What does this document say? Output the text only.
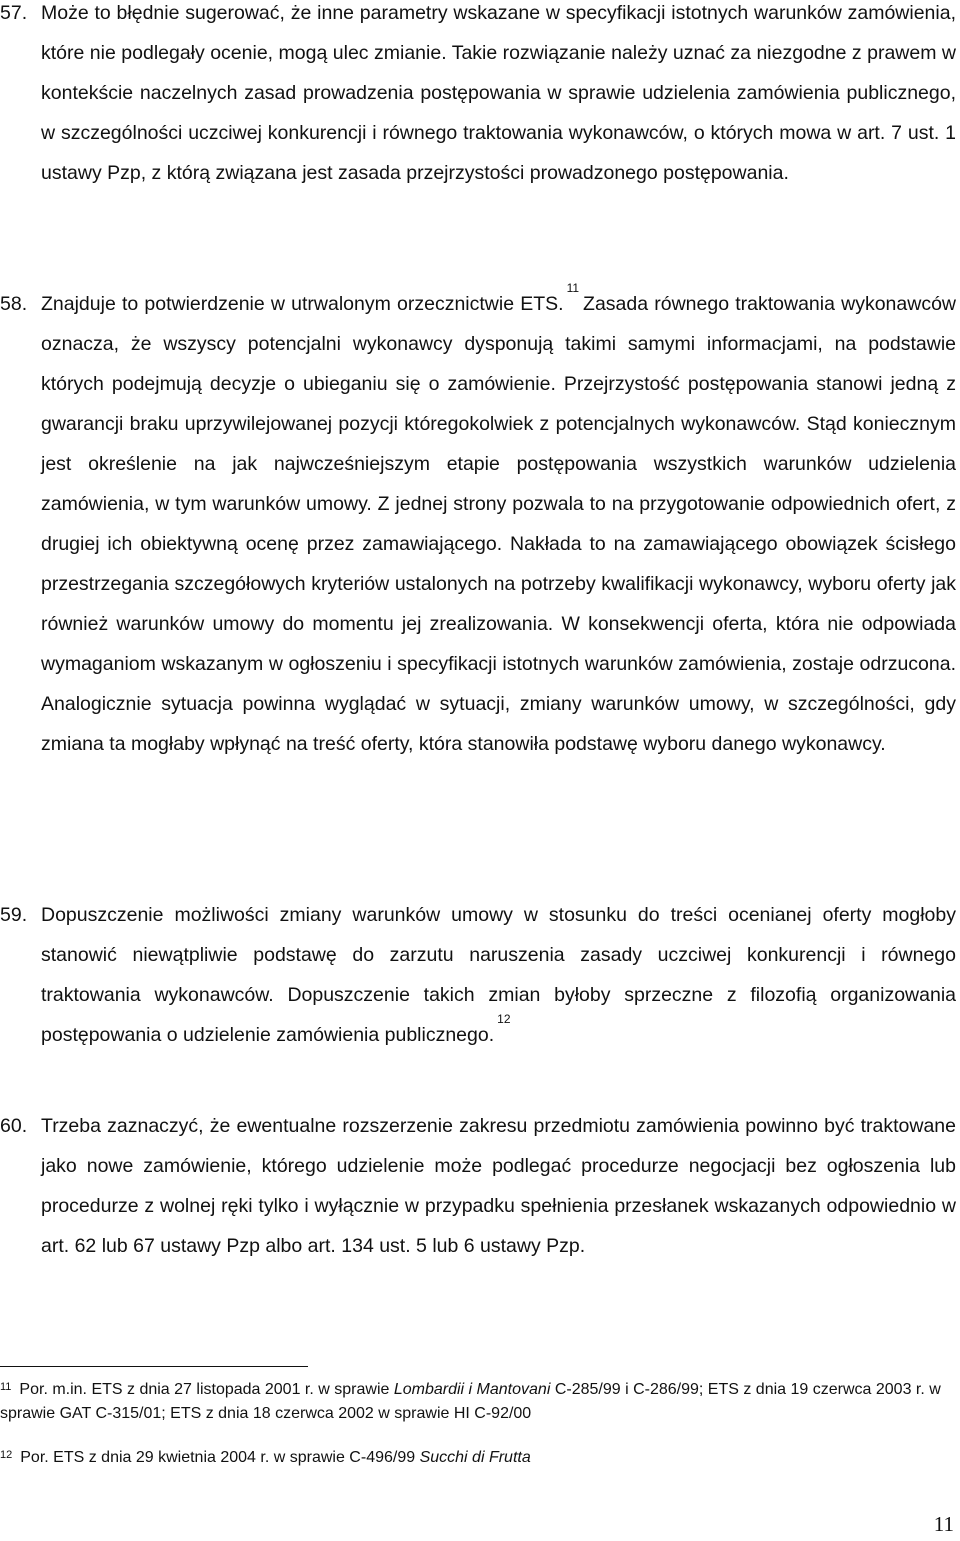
57. Może to błędnie sugerować, że inne parametry wskazane w specyfikacji istotnych warunków zamówienia, które nie podlegały ocenie, mogą ulec zmianie. Takie rozwiązanie należy uznać za niezgodne z prawem w kontekście naczelnych zasad prowadzenia postępowania w sprawie udzielenia zamówienia publicznego, w szczególności uczciwej konkurencji i równego traktowania wykonawców, o których mowa w art. 7 ust. 1 ustawy Pzp, z którą związana jest zasada przejrzystości prowadzonego postępowania.
58. Znajduje to potwierdzenie w utrwalonym orzecznictwie ETS.$^{11}$Zasada równego traktowania wykonawców oznacza, że wszyscy potencjalni wykonawcy dysponują takimi samymi informacjami, na podstawie których podejmują decyzje o ubieganiu się o zamówienie. Przejrzystość postępowania stanowi jedną z gwarancji braku uprzywilejowanej pozycji któregokolwiek z potencjalnych wykonawców. Stąd koniecznym jest określenie na jak najwcześniejszym etapie postępowania wszystkich warunków udzielenia zamówienia, w tym warunków umowy. Z jednej strony pozwala to na przygotowanie odpowiednich ofert, z drugiej ich obiektywną ocenę przez zamawiającego. Nakłada to na zamawiającego obowiązek ścisłego przestrzegania szczegółowych kryteriów ustalonych na potrzeby kwalifikacji wykonawcy, wyboru oferty jak również warunków umowy do momentu jej zrealizowania. W konsekwencji oferta, która nie odpowiada wymaganiom wskazanym w ogłoszeniu i specyfikacji istotnych warunków zamówienia, zostaje odrzucona. Analogicznie sytuacja powinna wyglądać w sytuacji, zmiany warunków umowy, w szczególności, gdy zmiana ta mogłaby wpłynąć na treść oferty, która stanowiła podstawę wyboru danego wykonawcy.
59. Dopuszczenie możliwości zmiany warunków umowy w stosunku do treści ocenianej oferty mogłoby stanowić niewątpliwie podstawę do zarzutu naruszenia zasady uczciwej konkurencji i równego traktowania wykonawców. Dopuszczenie takich zmian byłoby sprzeczne z filozofią organizowania postępowania o udzielenie zamówienia publicznego.$^{12}$
60. Trzeba zaznaczyć, że ewentualne rozszerzenie zakresu przedmiotu zamówienia powinno być traktowane jako nowe zamówienie, którego udzielenie może podlegać procedurze negocjacji bez ogłoszenia lub procedurze z wolnej ręki tylko i wyłącznie w przypadku spełnienia przesłanek wskazanych odpowiednio w art. 62 lub 67 ustawy Pzp albo art. 134 ust. 5 lub 6 ustawy Pzp.
$^{11}$ Por. m.in. ETS z dnia 27 listopada 2001 r. w sprawie Lombardii i Mantovani C-285/99 i C-286/99; ETS z dnia 19 czerwca 2003 r. w sprawie GAT C-315/01; ETS z dnia 18 czerwca 2002 w sprawie HI C-92/00
$^{12}$ Por. ETS z dnia 29 kwietnia 2004 r. w sprawie C-496/99 Succhi di Frutta
11
